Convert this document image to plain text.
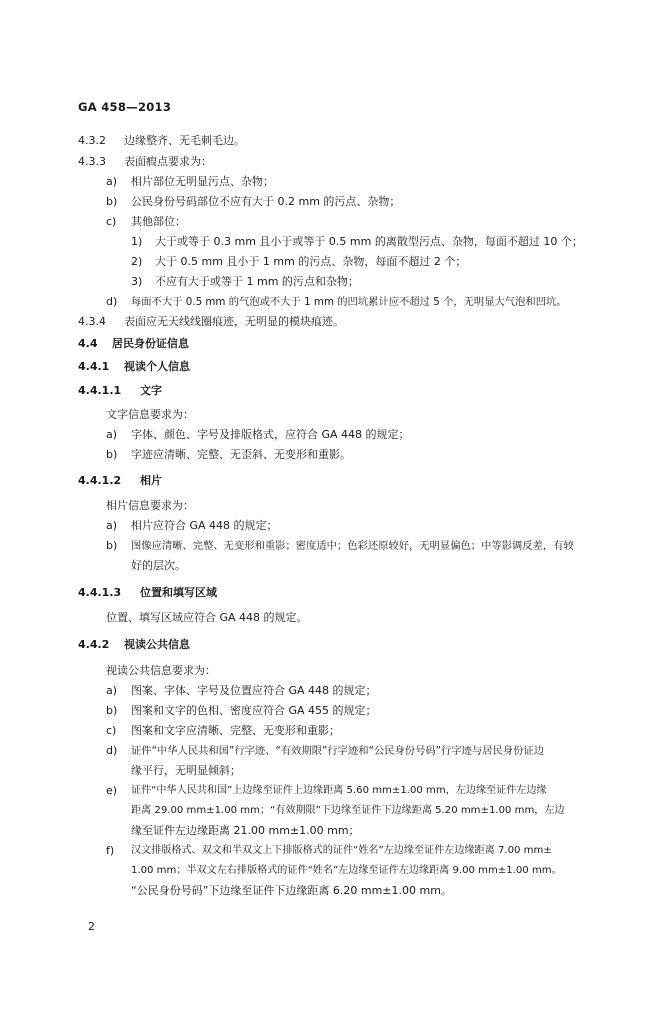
GA 458—2013
4.3.2 边缘整齐、无毛刺毛边。
4.3.3 表面瘕点要求为：
a) 相片部位无明显污点、杂物；
b) 公民身份号码部位不应有大于 0.2 mm 的污点、杂物；
c) 其他部位：
1) 大于或等于 0.3 mm 且小于或等于 0.5 mm 的离散型污点、杂物，每面不超过 10 个；
2) 大于 0.5 mm 且小于 1 mm 的污点、杂物，每面不超过 2 个；
3) 不应有大于或等于 1 mm 的污点和杂物；
d) 每面不大于 0.5 mm 的气泡或不大于 1 mm 的凹坑累计应不超过 5 个，无明显大气泡和凹坑。
4.3.4 表面应无天线线圈痕迹，无明显的模块痕迹。
4.4 居民身份证信息
4.4.1 视读个人信息
4.4.1.1 文字
文字信息要求为：
a) 字体、颜色、字号及排版格式，应符合 GA 448 的规定；
b) 字迹应清晰、完整、无歪斜、无变形和重影。
4.4.1.2 相片
相片信息要求为：
a) 相片应符合 GA 448 的规定；
b) 图像应清晰、完整、无变形和重影；密度适中；色彩还原较好，无明显偏色；中等影调反差，有较
好的层次。
4.4.1.3 位置和填写区域
位置、填写区域应符合 GA 448 的规定。
4.4.2 视读公共信息
视读公共信息要求为：
a) 图案、字体、字号及位置应符合 GA 448 的规定；
b) 图案和文字的色相、密度应符合 GA 455 的规定；
c) 图案和文字应清晰、完整、无变形和重影；
d) 证件“中华人民共和国”行字迹、“有效期限”行字迹和“公民身份号码”行字迹与居民身份证边
缘平行，无明显倾斜；
e) 证件“中华人民共和国”上边缘至证件上边缘距离 5.60 mm±1.00 mm，左边缘至证件左边缘
距离 29.00 mm±1.00 mm；“有效期限”下边缘至证件下边缘距离 5.20 mm±1.00 mm，左边
缘至证件左边缘距离 21.00 mm±1.00 mm；
f) 汉文排版格式、双文和半双文上下排版格式的证件“姓名”左边缘至证件左边缘距离 7.00 mm±
1.00 mm；半双文左右排版格式的证件“姓名”左边缘至证件左边缘距离 9.00 mm±1.00 mm。
“公民身份号码”下边缘至证件下边缘距离 6.20 mm±1.00 mm。
2
